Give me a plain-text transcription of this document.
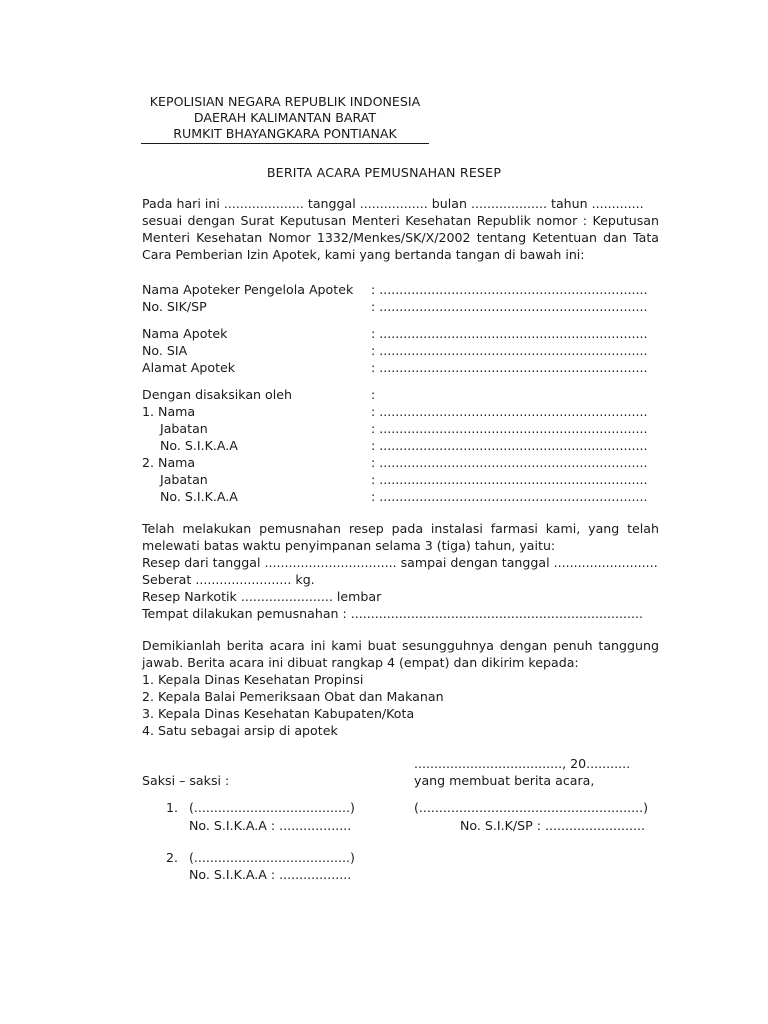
KEPOLISIAN NEGARA REPUBLIK INDONESIA
DAERAH KALIMANTAN BARAT
RUMKIT BHAYANGKARA PONTIANAK
BERITA ACARA PEMUSNAHAN RESEP
Pada hari ini .................... tanggal ................. bulan ................... tahun .............
sesuai dengan Surat Keputusan Menteri Kesehatan Republik nomor : Keputusan
Menteri Kesehatan Nomor 1332/Menkes/SK/X/2002 tentang Ketentuan dan Tata
Cara Pemberian Izin Apotek, kami yang bertanda tangan di bawah ini:
Nama Apoteker Pengelola Apotek : ...................................................................
No. SIK/SP	: ...................................................................
Nama Apotek	: ...................................................................
No. SIA	: ...................................................................
Alamat Apotek	: ...................................................................
Dengan disaksikan oleh	:
1. Nama	: ...................................................................
Jabatan	: ...................................................................
No. S.I.K.A.A	: ...................................................................
2. Nama	: ...................................................................
Jabatan	: ...................................................................
No. S.I.K.A.A	: ...................................................................
Telah melakukan pemusnahan resep pada instalasi farmasi kami, yang telah
melewati batas waktu penyimpanan selama 3 (tiga) tahun, yaitu:
Resep dari tanggal ................................. sampai dengan tanggal ..........................
Seberat ........................ kg.
Resep Narkotik ....................... lembar
Tempat dilakukan pemusnahan : .........................................................................
Demikianlah berita acara ini kami buat sesungguhnya dengan penuh tanggung
jawab. Berita acara ini dibuat rangkap 4 (empat) dan dikirim kepada:
1. Kepala Dinas Kesehatan Propinsi
2. Kepala Balai Pemeriksaan Obat dan Makanan
3. Kepala Dinas Kesehatan Kabupaten/Kota
4. Satu sebagai arsip di apotek
....................................., 20...........
Saksi – saksi :	yang membuat berita acara,
1. (.......................................)	(........................................................)
No. S.I.K.A.A : ..................	No. S.I.K/SP : .........................
2. (.......................................)
No. S.I.K.A.A : ..................
